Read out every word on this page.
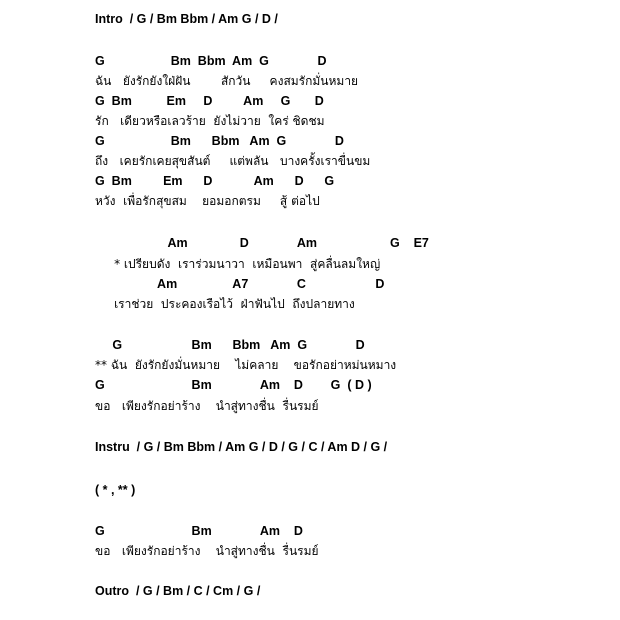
Intro  / G / Bm Bbm / Am G / D /
G                   Bm  Bbm  Am  G              D
ฉัน   ยังรักยังใฝ่ฝัน        สักวัน     คงสมรักมั่นหมาย
G  Bm          Em     D         Am     G       D
รัก   เดียวหรือเลวร้าย  ยังไม่วาย  ใคร่ ชิดชม
G                   Bm      Bbm   Am  G              D
ถึง   เคยรักเคยสุขสันต์     แต่พลัน   บางครั้งเราขื่นขม
G  Bm         Em      D            Am      D      G
หวัง  เพื่อรักสุขสม    ยอมอกตรม     สู้ ต่อไป
Am               D              Am                     G    E7
* เปรียบดัง  เราร่วมนาวา  เหมือนพา  สู่คลื่นลมใหญ่
Am                A7              C                    D
เราช่วย  ประคองเรือไว้  ฝ่าฟันไป  ถึงปลายทาง
G                    Bm      Bbm   Am  G              D
** ฉัน  ยังรักยังมั่นหมาย    ไม่คลาย    ขอรักอย่าหม่นหมาง
G                         Bm              Am    D        G  ( D )
ขอ   เพียงรักอย่าร้าง    นำสู่ทางชื่น  รื่นรมย์
Instru  / G / Bm Bbm / Am G / D / G / C / Am D / G /
( * , ** )
G                         Bm              Am    D
ขอ   เพียงรักอย่าร้าง    นำสู่ทางชื่น  รื่นรมย์
Outro  / G / Bm / C / Cm / G /
